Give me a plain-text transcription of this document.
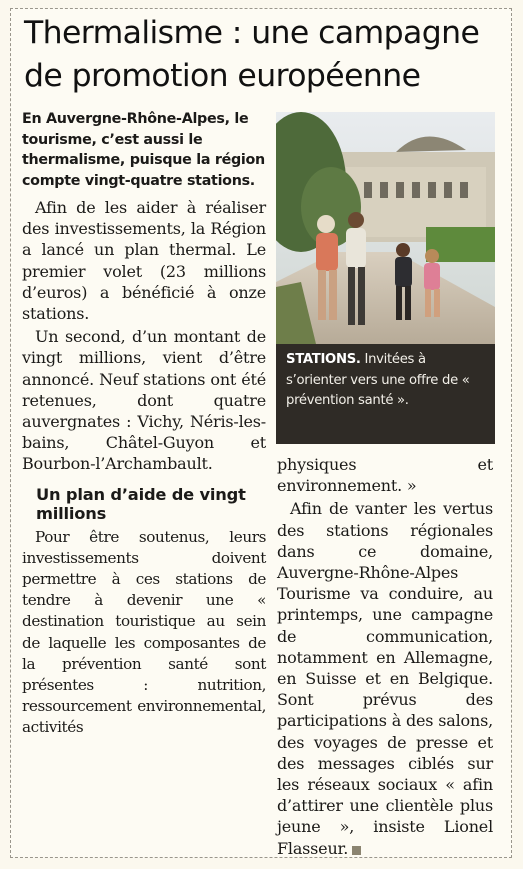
Thermalisme : une campagne de promotion européenne

En Auvergne-Rhône-Alpes, le tourisme, c’est aussi le thermalisme, puisque la région compte vingt-quatre stations.

Afin de les aider à réaliser des investissements, la Région a lancé un plan thermal. Le premier volet (23 millions d’euros) a bénéficié à onze stations.

Un second, d’un montant de vingt millions, vient d’être annoncé. Neuf stations ont été retenues, dont quatre auvergnates : Vichy, Néris-les-bains, Châtel-Guyon et Bourbon-l’Archambault.

Un plan d’aide de vingt millions

Pour être soutenus, leurs investissements doivent permettre à ces stations de tendre à devenir une « destination touristique au sein de laquelle les composantes de la prévention santé sont présentes : nutrition, ressourcement environnemental, activités

STATIONS. Invitées à s’orienter vers une offre de « prévention santé ».

physiques et environnement. »

Afin de vanter les vertus des stations régionales dans ce domaine, Auvergne-Rhône-Alpes Tourisme va conduire, au printemps, une campagne de communication, notamment en Allemagne, en Suisse et en Belgique. Sont prévus des participations à des salons, des voyages de presse et des messages ciblés sur les réseaux sociaux « afin d’attirer une clientèle plus jeune », insiste Lionel Flasseur.
